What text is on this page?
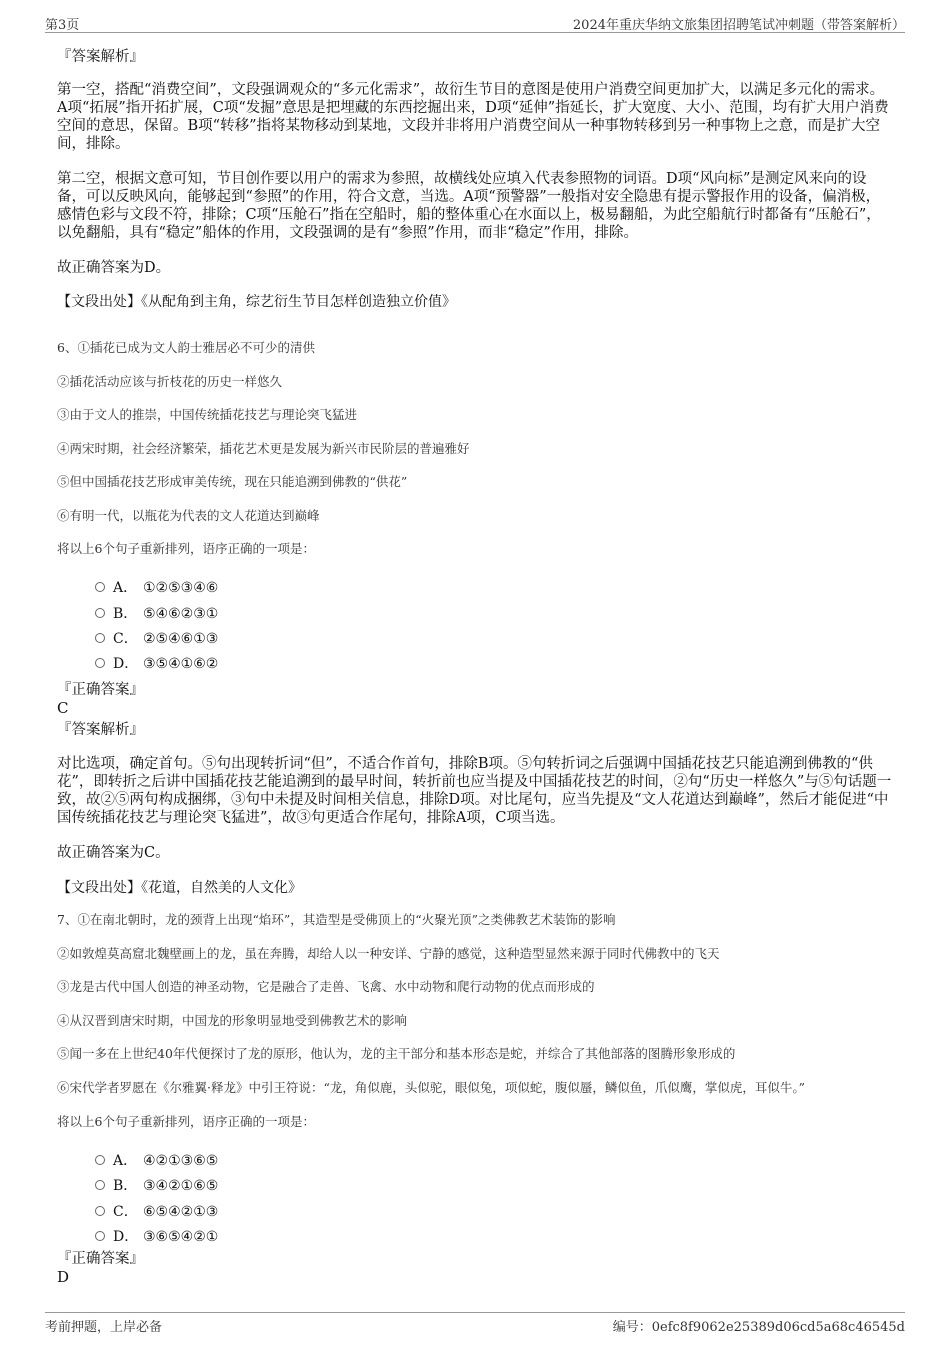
第3页	2024年重庆华纳文旅集团招聘笔试冲刺题（带答案解析）
『答案解析』
第一空，搭配“消费空间”，文段强调观众的“多元化需求”，故衍生节目的意图是使用户消费空间更加扩大，以满足多元化的需求。A项“拓展”指开拓扩展，C项“发掘”意思是把埋藏的东西挖掘出来，D项“延伸”指延长，扩大宽度、大小、范围，均有扩大用户消费空间的意思，保留。B项“转移”指将某物移动到某地，文段并非将用户消费空间从一种事物转移到另一种事物上之意，而是扩大空间，排除。
第二空，根据文意可知，节目创作要以用户的需求为参照，故横线处应填入代表参照物的词语。D项“风向标”是测定风来向的设备，可以反映风向，能够起到“参照”的作用，符合文意，当选。A项“预警器”一般指对安全隐患有提示警报作用的设备，偏消极，感情色彩与文段不符，排除；C项“压舱石”指在空船时，船的整体重心在水面以上，极易翻船，为此空船航行时都备有“压舱石”，以免翻船，具有“稳定”船体的作用，文段强调的是有“参照”作用，而非“稳定”作用，排除。
故正确答案为D。
【文段出处】《从配角到主角，综艺衍生节目怎样创造独立价值》
6、①插花已成为文人韵士雅居必不可少的清供
②插花活动应该与折枝花的历史一样悠久
③由于文人的推崇，中国传统插花技艺与理论突飞猛进
④两宋时期，社会经济繁荣，插花艺术更是发展为新兴市民阶层的普遍雅好
⑤但中国插花技艺形成审美传统，现在只能追溯到佛教的“供花”
⑥有明一代，以瓶花为代表的文人花道达到巅峰
将以上6个句子重新排列，语序正确的一项是：
A． ①②⑤③④⑥
B． ⑤④⑥②③①
C． ②⑤④⑥①③
D． ③⑤④①⑥②
『正确答案』
C
『答案解析』
对比选项，确定首句。⑤句出现转折词“但”，不适合作首句，排除B项。⑤句转折词之后强调中国插花技艺只能追溯到佛教的“供花”，即转折之后讲中国插花技艺能追溯到的最早时间，转折前也应当提及中国插花技艺的时间，②句“历史一样悠久”与⑤句话题一致，故②⑤两句构成捆绑，③句中未提及时间相关信息，排除D项。对比尾句，应当先提及“文人花道达到巅峰”，然后才能促进“中国传统插花技艺与理论突飞猛进”，故③句更适合作尾句，排除A项，C项当选。
故正确答案为C。
【文段出处】《花道，自然美的人文化》
7、①在南北朝时，龙的颈背上出现“焰环”，其造型是受佛顶上的“火聚光顶”之类佛教艺术装饰的影响
②如敦煌莫高窟北魏壁画上的龙，虽在奔腾，却给人以一种安详、宁静的感觉，这种造型显然来源于同时代佛教中的飞天
③龙是古代中国人创造的神圣动物，它是融合了走兽、飞禽、水中动物和爬行动物的优点而形成的
④从汉晋到唐宋时期，中国龙的形象明显地受到佛教艺术的影响
⑤闻一多在上世纪40年代便探讨了龙的原形，他认为，龙的主干部分和基本形态是蛇，并综合了其他部落的图腾形象形成的
⑥宋代学者罗愿在《尔雅翼·释龙》中引王符说：“龙，角似鹿，头似驼，眼似兔，项似蛇，腹似蜃，鳞似鱼，爪似鹰，掌似虎，耳似牛。”
将以上6个句子重新排列，语序正确的一项是：
A． ④②①③⑥⑤
B． ③④②①⑥⑤
C． ⑥⑤④②①③
D． ③⑥⑤④②①
『正确答案』
D
考前押题，上岸必备	编号：0efc8f9062e25389d06cd5a68c46545d
